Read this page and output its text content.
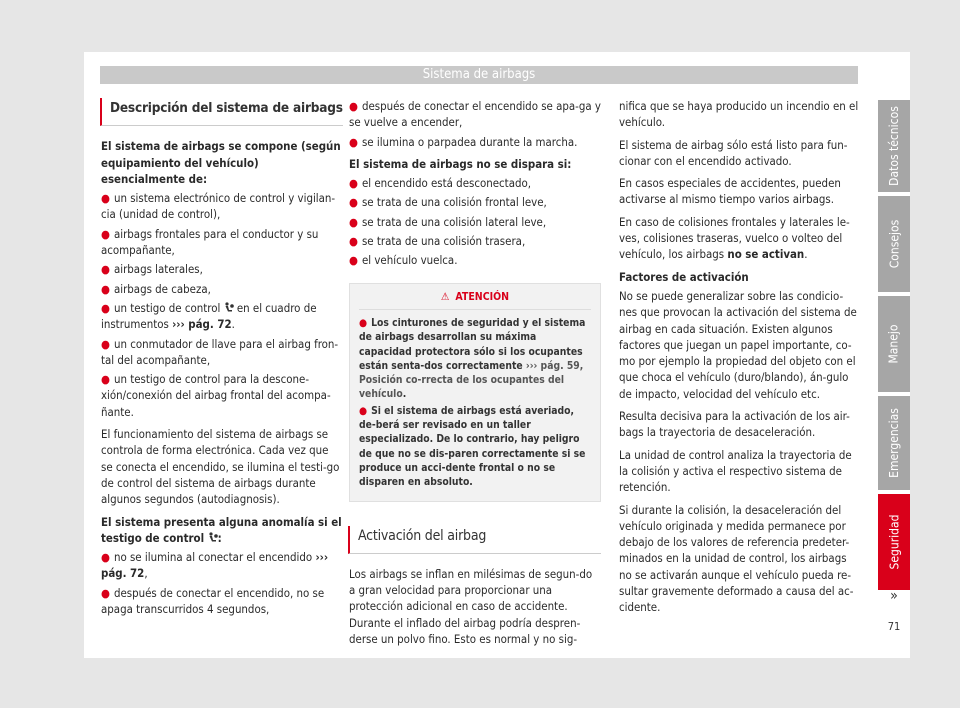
Sistema de airbags
Descripción del sistema de airbags

El sistema de airbags se compone (según equipamiento del vehículo) esencialmente de:

● un sistema electrónico de control y vigilan-cia (unidad de control),
● airbags frontales para el conductor y su acompañante,
● airbags laterales,
● airbags de cabeza,
● un testigo de control  en el cuadro de instrumentos ››› pág. 72.
● un conmutador de llave para el airbag fron-tal del acompañante,
● un testigo de control para la descone-xión/conexión del airbag frontal del acompa-ñante.

El funcionamiento del sistema de airbags se controla de forma electrónica. Cada vez que se conecta el encendido, se ilumina el testi-go de control del sistema de airbags durante algunos segundos (autodiagnosis).

El sistema presenta alguna anomalía si el testigo de control :

● no se ilumina al conectar el encendido ››› pág. 72,
● después de conectar el encendido, no se apaga transcurridos 4 segundos,
● después de conectar el encendido se apa-ga y se vuelve a encender,
● se ilumina o parpadea durante la marcha.

El sistema de airbags no se dispara si:

● el encendido está desconectado,
● se trata de una colisión frontal leve,
● se trata de una colisión lateral leve,
● se trata de una colisión trasera,
● el vehículo vuelca.
⚠ ATENCIÓN
● Los cinturones de seguridad y el sistema de airbags desarrollan su máxima capacidad protectora sólo si los ocupantes están senta-dos correctamente ››› pág. 59, Posición co-rrecta de los ocupantes del vehículo.
● Si el sistema de airbags está averiado, de-berá ser revisado en un taller especializado. De lo contrario, hay peligro de que no se dis-paren correctamente si se produce un acci-dente frontal o no se disparen en absoluto.
Activación del airbag

Los airbags se inflan en milésimas de segun-do a gran velocidad para proporcionar una protección adicional en caso de accidente. Durante el inflado del airbag podría despren-derse un polvo fino. Esto es normal y no sig-

nifica que se haya producido un incendio en el vehículo.

El sistema de airbag sólo está listo para fun-cionar con el encendido activado.

En casos especiales de accidentes, pueden activarse al mismo tiempo varios airbags.

En caso de colisiones frontales y laterales le-ves, colisiones traseras, vuelco o volteo del vehículo, los airbags no se activan.

Factores de activación

No se puede generalizar sobre las condicio-nes que provocan la activación del sistema de airbag en cada situación. Existen algunos factores que juegan un papel importante, co-mo por ejemplo la propiedad del objeto con el que choca el vehículo (duro/blando), án-gulo de impacto, velocidad del vehículo etc.

Resulta decisiva para la activación de los air-bags la trayectoria de desaceleración.

La unidad de control analiza la trayectoria de la colisión y activa el respectivo sistema de retención.

Si durante la colisión, la desaceleración del vehículo originada y medida permanece por debajo de los valores de referencia predeter-minados en la unidad de control, los airbags no se activarán aunque el vehículo pueda re-sultar gravemente deformado a causa del ac-cidente.

Datos técnicos
Consejos
Manejo
Emergencias
Seguridad
»
71
